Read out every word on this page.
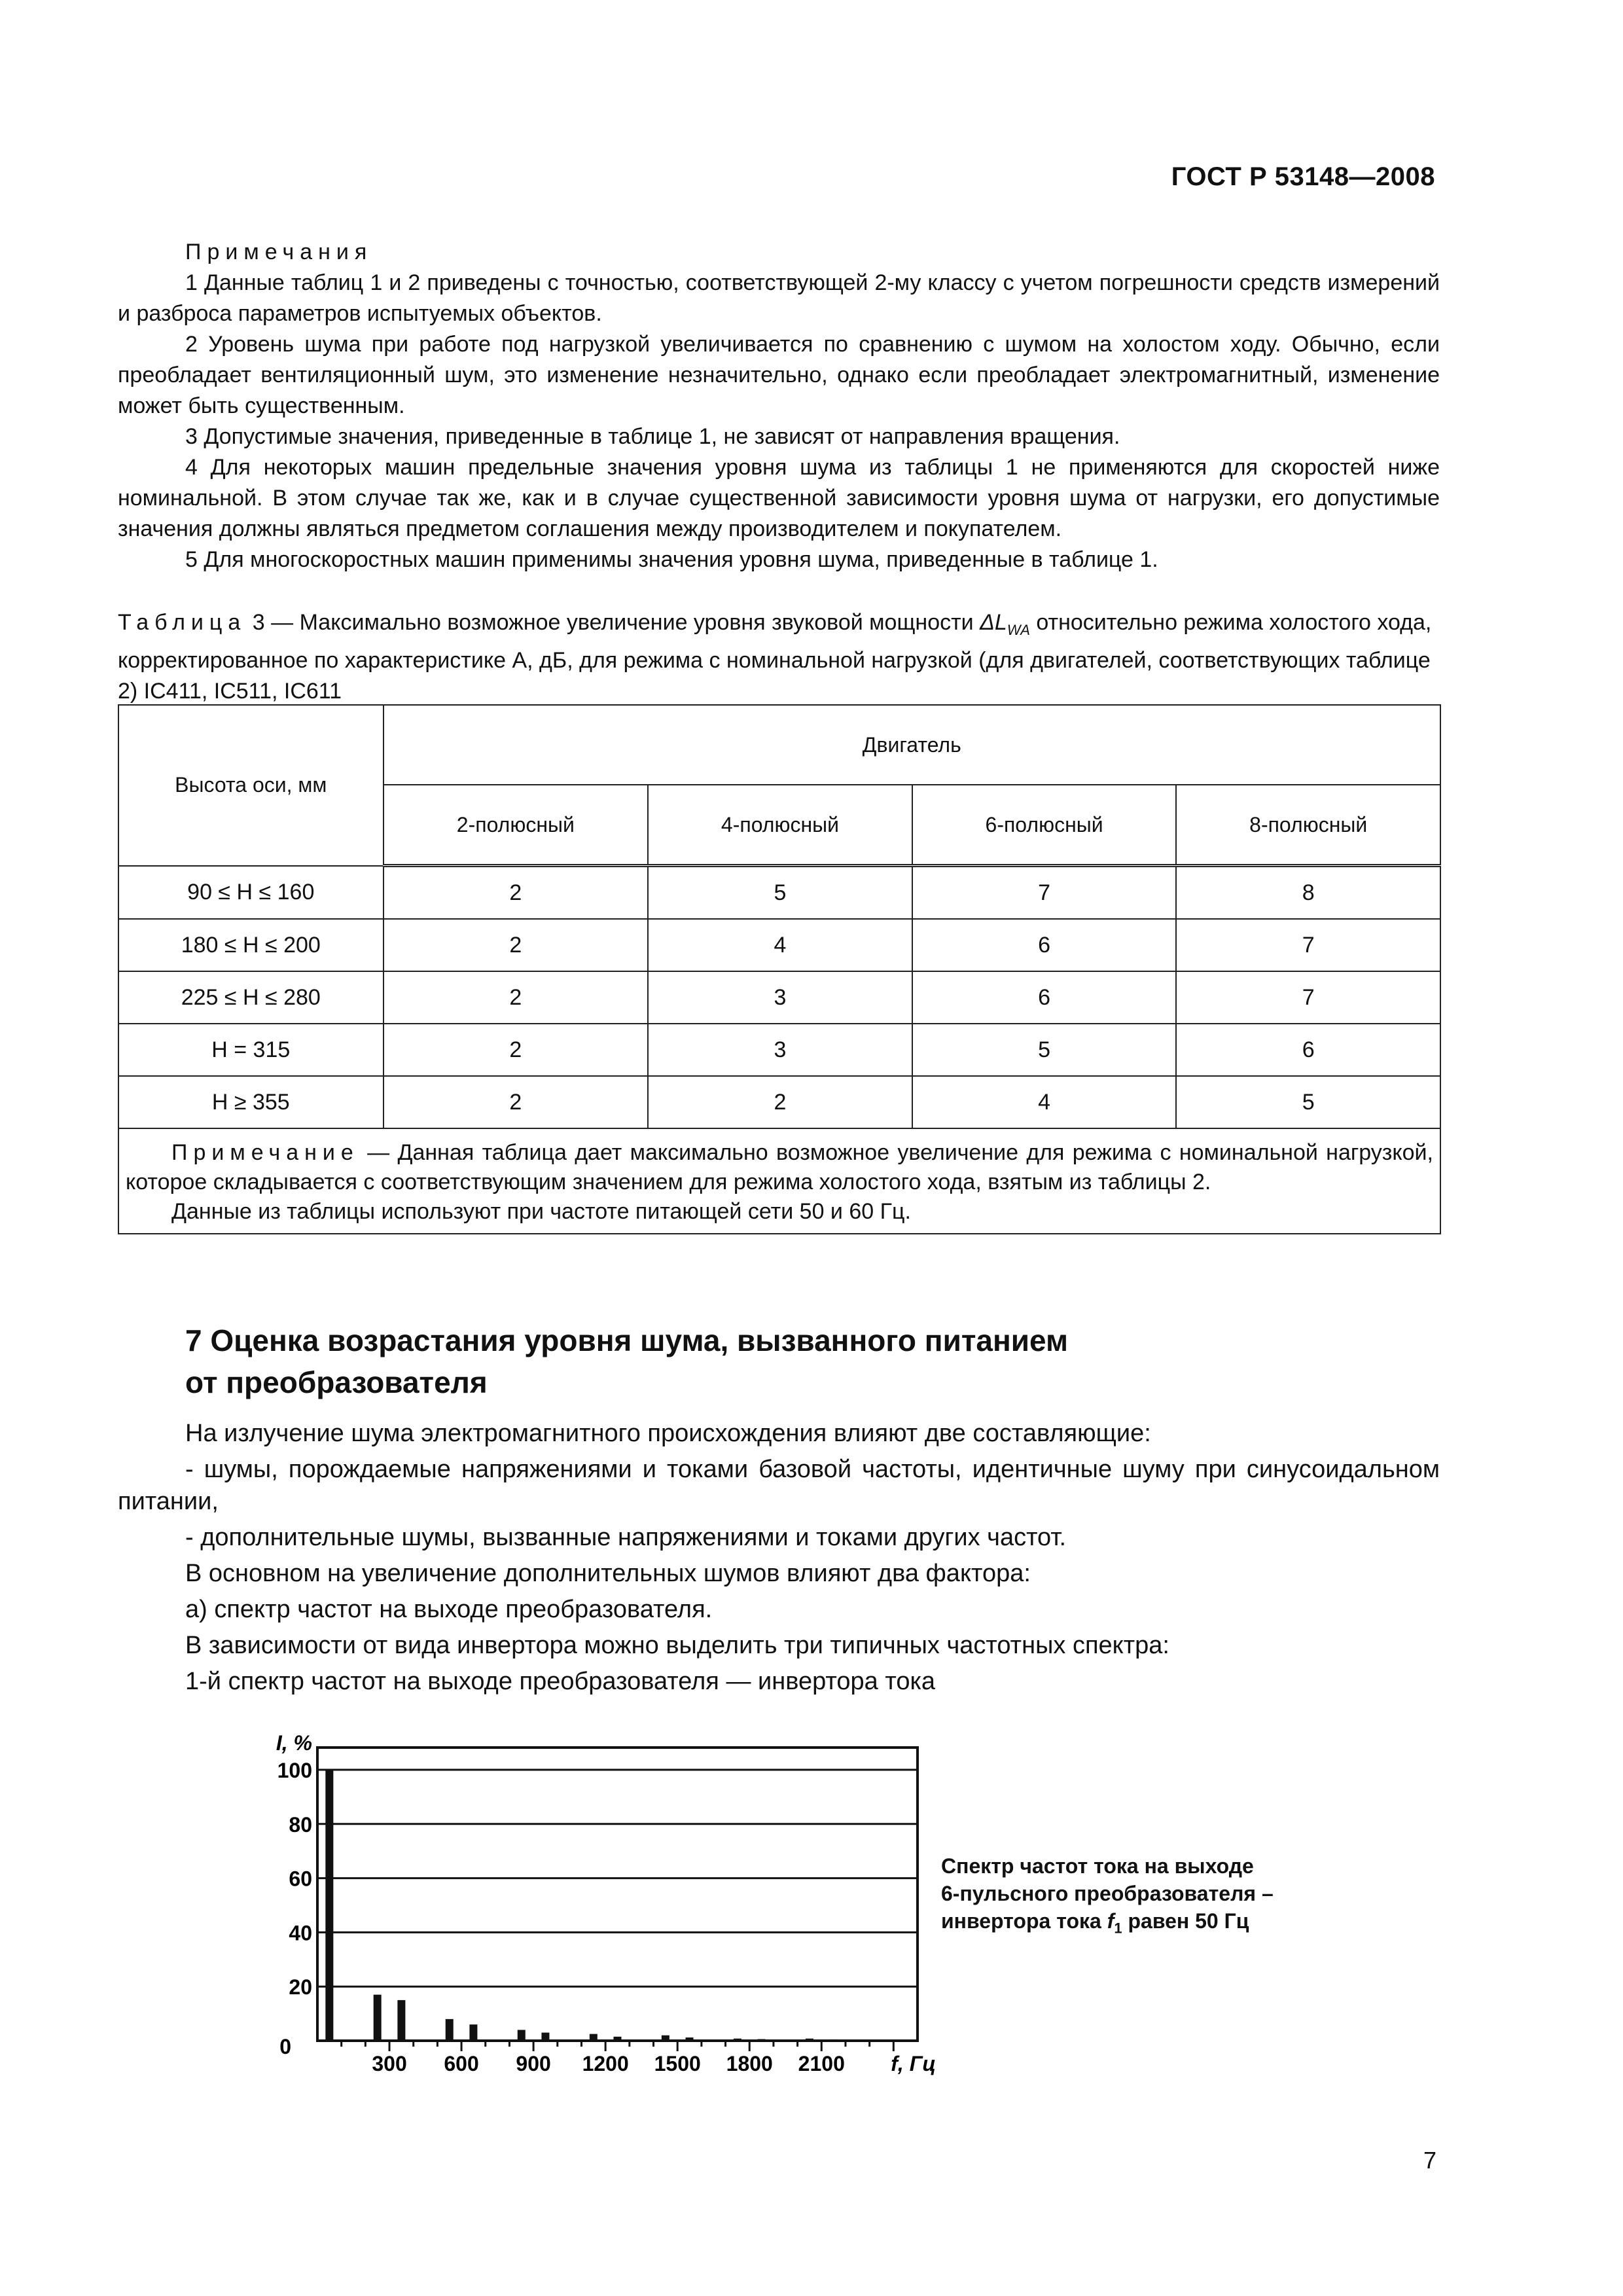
ГОСТ Р 53148—2008
Примечания
1 Данные таблиц 1 и 2 приведены с точностью, соответствующей 2-му классу с учетом погрешности средств измерений и разброса параметров испытуемых объектов.
2 Уровень шума при работе под нагрузкой увеличивается по сравнению с шумом на холостом ходу. Обычно, если преобладает вентиляционный шум, это изменение незначительно, однако если преобладает электромагнитный, изменение может быть существенным.
3 Допустимые значения, приведенные в таблице 1, не зависят от направления вращения.
4 Для некоторых машин предельные значения уровня шума из таблицы 1 не применяются для скоростей ниже номинальной. В этом случае так же, как и в случае существенной зависимости уровня шума от нагрузки, его допустимые значения должны являться предметом соглашения между производителем и покупателем.
5 Для многоскоростных машин применимы значения уровня шума, приведенные в таблице 1.
Таблица 3 — Максимально возможное увеличение уровня звуковой мощности $\Delta L_{WA}$ относительно режима холостого хода, корректированное по характеристике A, дБ, для режима с номинальной нагрузкой (для двигателей, соответствующих таблице 2) IC411, IC511, IC611
Высота оси, мм	Двигатель			
	2-полюсный	4-полюсный	6-полюсный	8-полюсный
90 ≤ H ≤ 160	2	5	7	8
180 ≤ H ≤ 200	2	4	6	7
225 ≤ H ≤ 280	2	3	6	7
H = 315	2	3	5	6
H ≥ 355	2	2	4	5

Примечание — Данная таблица дает максимально возможное увеличение для режима с номинальной нагрузкой, которое складывается с соответствующим значением для режима холостого хода, взятым из таблицы 2.

Данные из таблицы используют при частоте питающей сети 50 и 60 Гц.				

7 Оценка возрастания уровня шума, вызванного питанием
от преобразователя

На излучение шума электромагнитного происхождения влияют две составляющие:

- шумы, порождаемые напряжениями и токами базовой частоты, идентичные шуму при синусоидальном питании,

- дополнительные шумы, вызванные напряжениями и токами других частот.

В основном на увеличение дополнительных шумов влияют два фактора:

а) спектр частот на выходе преобразователя.

В зависимости от вида инвертора можно выделить три типичных частотных спектра:

1-й спектр частот на выходе преобразователя — инвертора тока

100
80
60
40
20
0
300 600 900 1200 1500 1800 2100
I, %
f, Гц
Спектр частот тока на выходе
6-пульсного преобразователя –
инвертора тока $f_1$ равен 50 Гц
7
